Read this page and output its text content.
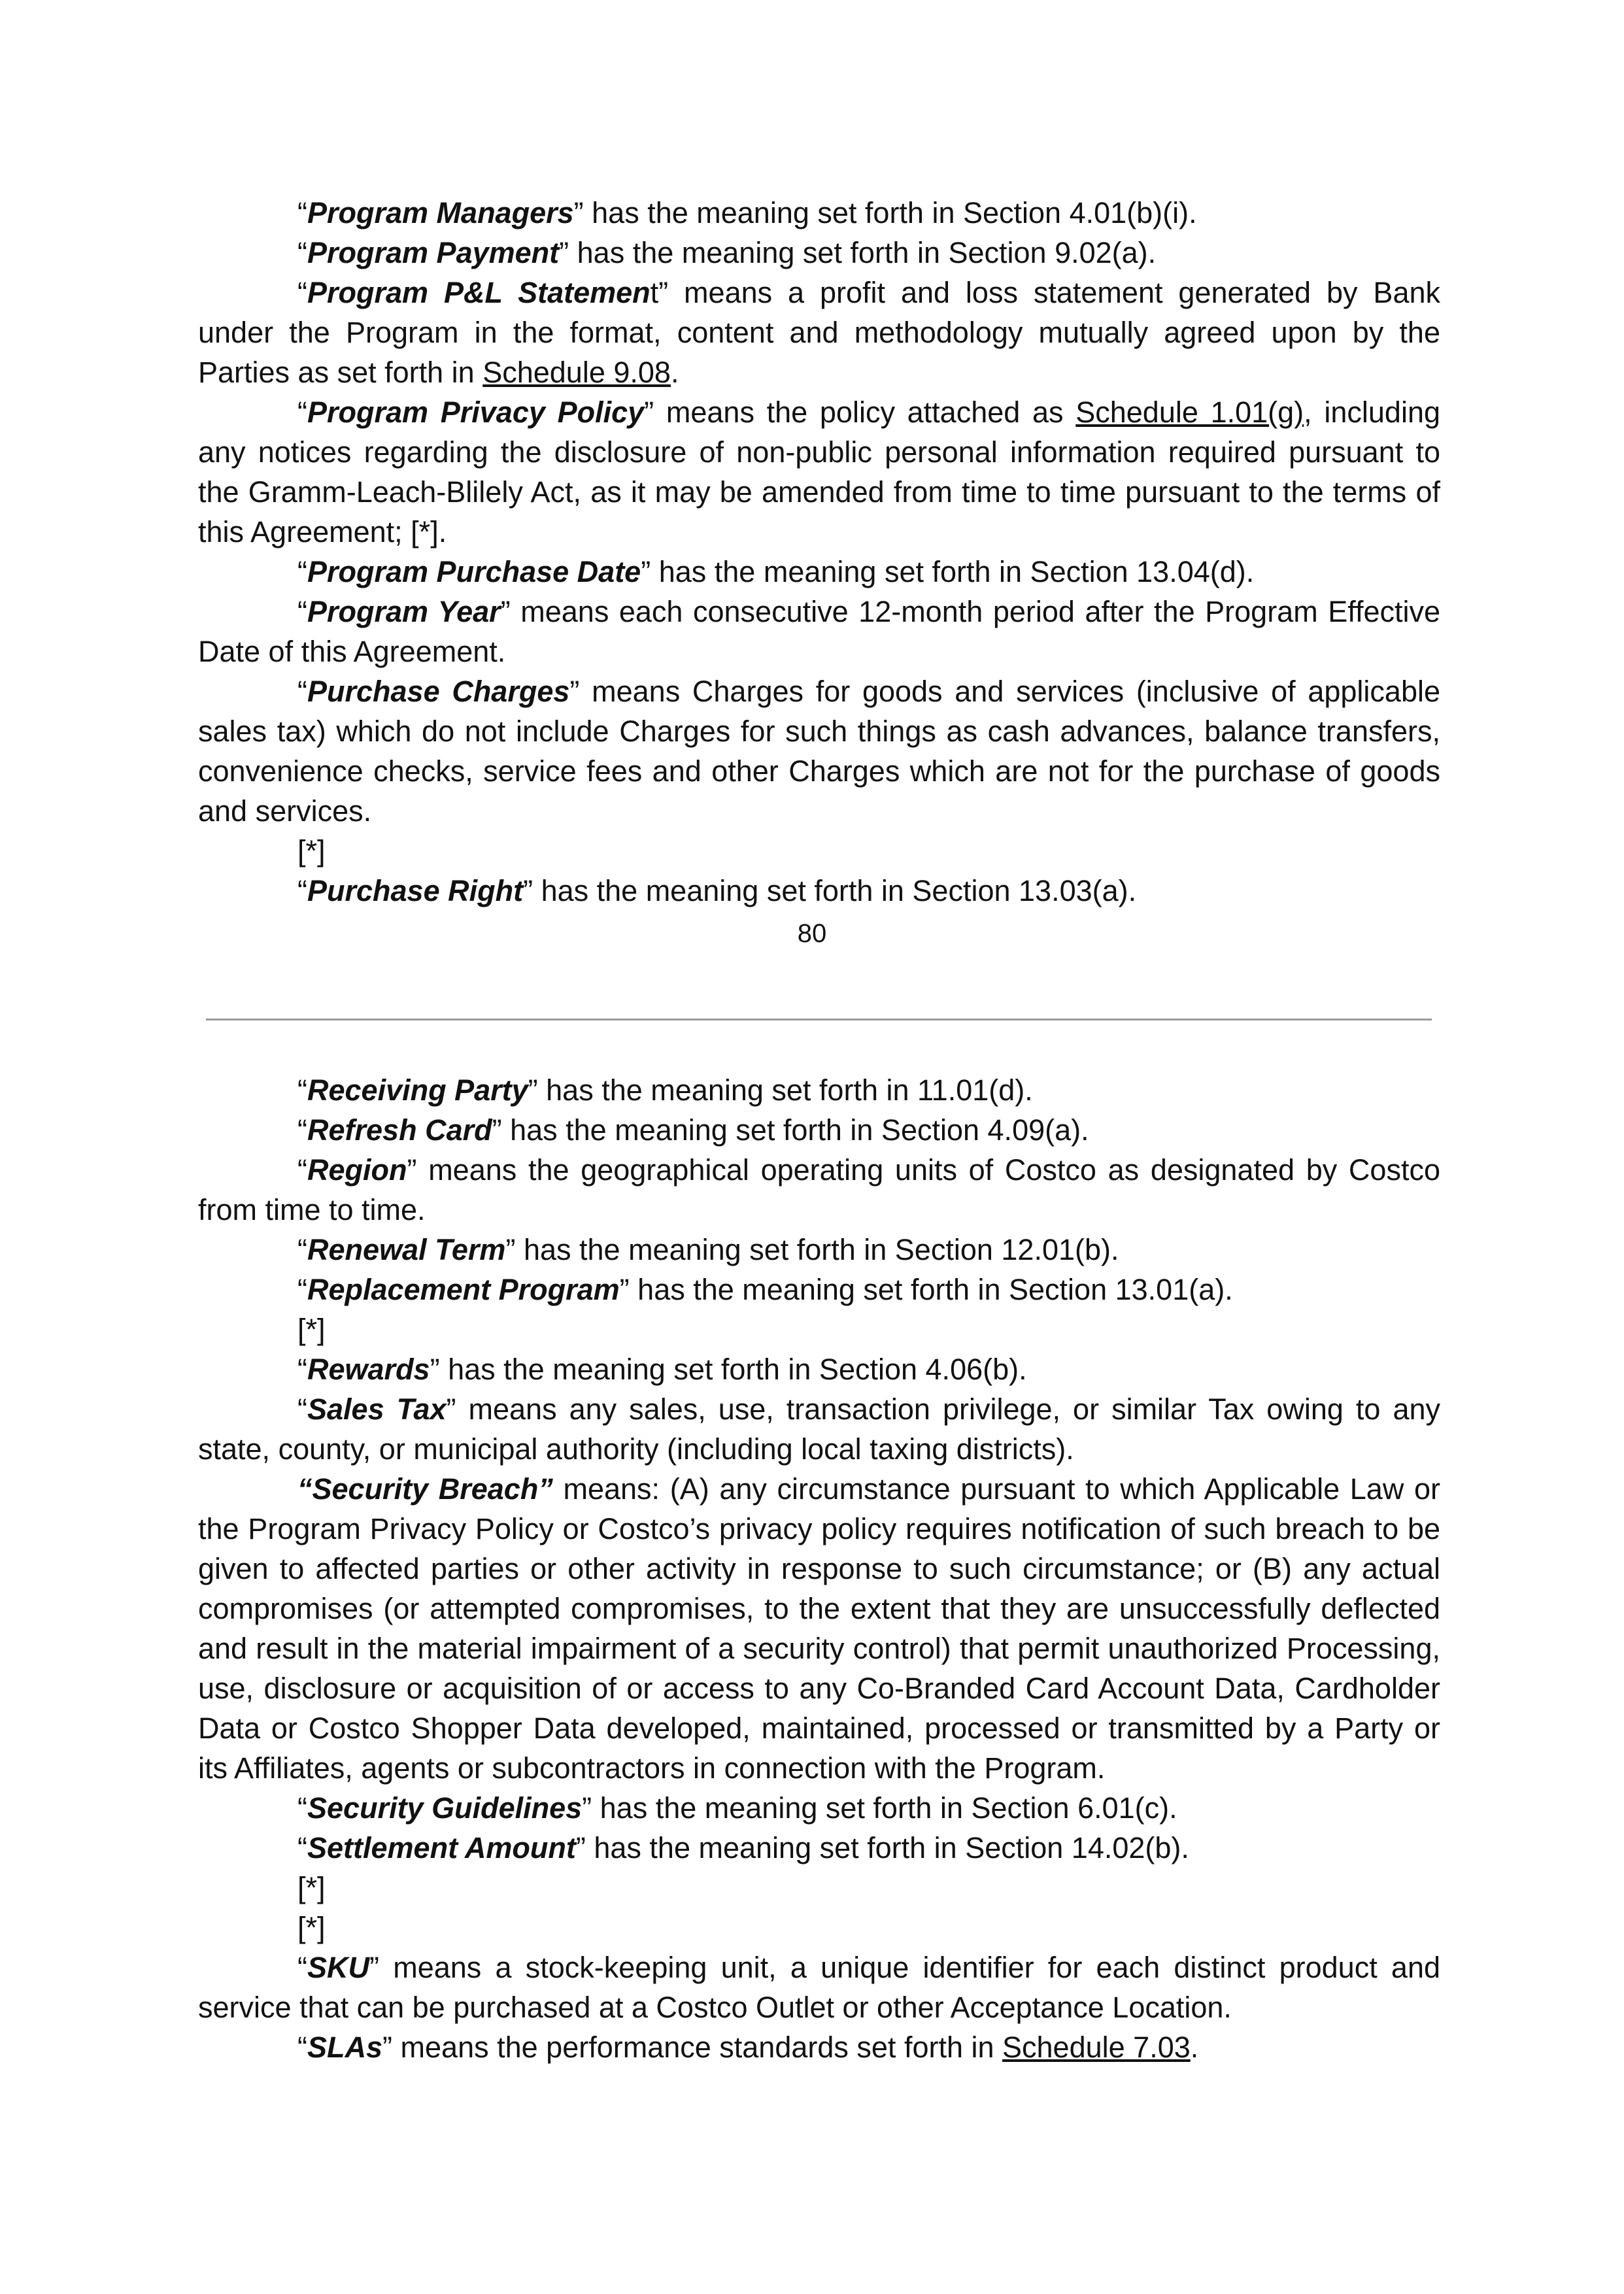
“Program Managers” has the meaning set forth in Section 4.01(b)(i).

“Program Payment” has the meaning set forth in Section 9.02(a).

“Program P&L Statement” means a profit and loss statement generated by Bank under the Program in the format, content and methodology mutually agreed upon by the Parties as set forth in Schedule 9.08.

“Program Privacy Policy” means the policy attached as Schedule 1.01(g), including any notices regarding the disclosure of non-public personal information required pursuant to the Gramm-Leach-Blilely Act, as it may be amended from time to time pursuant to the terms of this Agreement; [*].

“Program Purchase Date” has the meaning set forth in Section 13.04(d).

“Program Year” means each consecutive 12-month period after the Program Effective Date of this Agreement.

“Purchase Charges” means Charges for goods and services (inclusive of applicable sales tax) which do not include Charges for such things as cash advances, balance transfers, convenience checks, service fees and other Charges which are not for the purchase of goods and services.

[*]

“Purchase Right” has the meaning set forth in Section 13.03(a).

80

“Receiving Party” has the meaning set forth in 11.01(d).

“Refresh Card” has the meaning set forth in Section 4.09(a).

“Region” means the geographical operating units of Costco as designated by Costco from time to time.

“Renewal Term” has the meaning set forth in Section 12.01(b).

“Replacement Program” has the meaning set forth in Section 13.01(a).

[*]

“Rewards” has the meaning set forth in Section 4.06(b).

“Sales Tax” means any sales, use, transaction privilege, or similar Tax owing to any state, county, or municipal authority (including local taxing districts).

“Security Breach” means: (A) any circumstance pursuant to which Applicable Law or the Program Privacy Policy or Costco’s privacy policy requires notification of such breach to be given to affected parties or other activity in response to such circumstance; or (B) any actual compromises (or attempted compromises, to the extent that they are unsuccessfully deflected and result in the material impairment of a security control) that permit unauthorized Processing, use, disclosure or acquisition of or access to any Co-Branded Card Account Data, Cardholder Data or Costco Shopper Data developed, maintained, processed or transmitted by a Party or its Affiliates, agents or subcontractors in connection with the Program.

“Security Guidelines” has the meaning set forth in Section 6.01(c).

“Settlement Amount” has the meaning set forth in Section 14.02(b).

[*]

[*]

“SKU” means a stock-keeping unit, a unique identifier for each distinct product and service that can be purchased at a Costco Outlet or other Acceptance Location.

“SLAs” means the performance standards set forth in Schedule 7.03.
